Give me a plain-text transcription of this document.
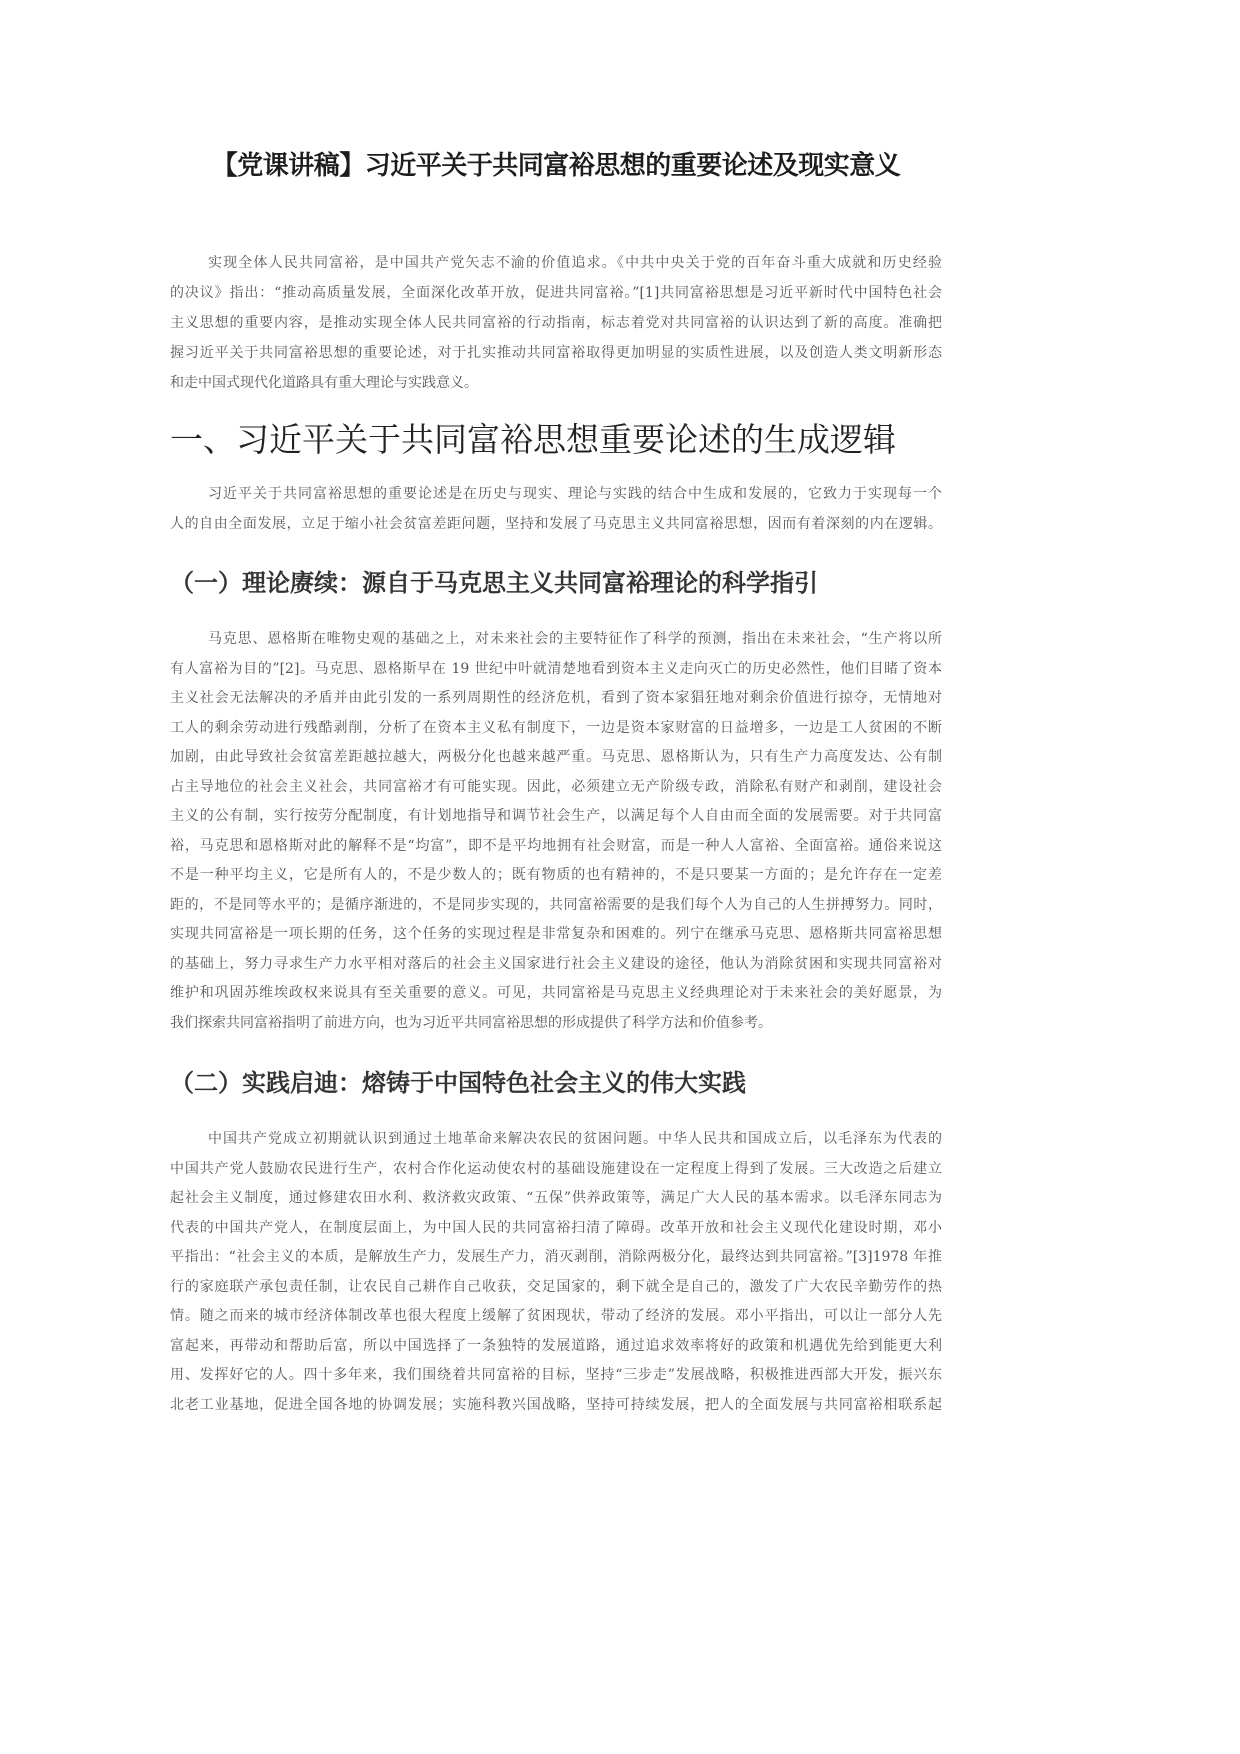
【党课讲稿】习近平关于共同富裕思想的重要论述及现实意义
实现全体人民共同富裕，是中国共产党矢志不渝的价值追求。《中共中央关于党的百年奋斗重大成就和历史经验
的决议》指出：“推动高质量发展，全面深化改革开放，促进共同富裕。”[1]共同富裕思想是习近平新时代中国特色社会
主义思想的重要内容，是推动实现全体人民共同富裕的行动指南，标志着党对共同富裕的认识达到了新的高度。准确把
握习近平关于共同富裕思想的重要论述，对于扎实推动共同富裕取得更加明显的实质性进展，以及创造人类文明新形态
和走中国式现代化道路具有重大理论与实践意义。
一、习近平关于共同富裕思想重要论述的生成逻辑
习近平关于共同富裕思想的重要论述是在历史与现实、理论与实践的结合中生成和发展的，它致力于实现每一个
人的自由全面发展，立足于缩小社会贫富差距问题，坚持和发展了马克思主义共同富裕思想，因而有着深刻的内在逻辑。
（一）理论赓续：源自于马克思主义共同富裕理论的科学指引
马克思、恩格斯在唯物史观的基础之上，对未来社会的主要特征作了科学的预测，指出在未来社会，“生产将以所
有人富裕为目的”[2]。马克思、恩格斯早在 19 世纪中叶就清楚地看到资本主义走向灭亡的历史必然性，他们目睹了资本
主义社会无法解决的矛盾并由此引发的一系列周期性的经济危机，看到了资本家猖狂地对剩余价值进行掠夺，无情地对
工人的剩余劳动进行残酷剥削，分析了在资本主义私有制度下，一边是资本家财富的日益增多，一边是工人贫困的不断
加剧，由此导致社会贫富差距越拉越大，两极分化也越来越严重。马克思、恩格斯认为，只有生产力高度发达、公有制
占主导地位的社会主义社会，共同富裕才有可能实现。因此，必须建立无产阶级专政，消除私有财产和剥削，建设社会
主义的公有制，实行按劳分配制度，有计划地指导和调节社会生产，以满足每个人自由而全面的发展需要。对于共同富
裕，马克思和恩格斯对此的解释不是“均富”，即不是平均地拥有社会财富，而是一种人人富裕、全面富裕。通俗来说这
不是一种平均主义，它是所有人的，不是少数人的；既有物质的也有精神的，不是只要某一方面的；是允许存在一定差
距的，不是同等水平的；是循序渐进的，不是同步实现的，共同富裕需要的是我们每个人为自己的人生拼搏努力。同时，
实现共同富裕是一项长期的任务，这个任务的实现过程是非常复杂和困难的。列宁在继承马克思、恩格斯共同富裕思想
的基础上，努力寻求生产力水平相对落后的社会主义国家进行社会主义建设的途径，他认为消除贫困和实现共同富裕对
维护和巩固苏维埃政权来说具有至关重要的意义。可见，共同富裕是马克思主义经典理论对于未来社会的美好愿景，为
我们探索共同富裕指明了前进方向，也为习近平共同富裕思想的形成提供了科学方法和价值参考。
（二）实践启迪：熔铸于中国特色社会主义的伟大实践
中国共产党成立初期就认识到通过土地革命来解决农民的贫困问题。中华人民共和国成立后，以毛泽东为代表的
中国共产党人鼓励农民进行生产，农村合作化运动使农村的基础设施建设在一定程度上得到了发展。三大改造之后建立
起社会主义制度，通过修建农田水利、救济救灾政策、“五保”供养政策等，满足广大人民的基本需求。以毛泽东同志为
代表的中国共产党人，在制度层面上，为中国人民的共同富裕扫清了障碍。改革开放和社会主义现代化建设时期，邓小
平指出：“社会主义的本质，是解放生产力，发展生产力，消灭剥削，消除两极分化，最终达到共同富裕。”[3]1978 年推
行的家庭联产承包责任制，让农民自己耕作自己收获，交足国家的，剩下就全是自己的，激发了广大农民辛勤劳作的热
情。随之而来的城市经济体制改革也很大程度上缓解了贫困现状，带动了经济的发展。邓小平指出，可以让一部分人先
富起来，再带动和帮助后富，所以中国选择了一条独特的发展道路，通过追求效率将好的政策和机遇优先给到能更大利
用、发挥好它的人。四十多年来，我们围绕着共同富裕的目标，坚持“三步走”发展战略，积极推进西部大开发，振兴东
北老工业基地，促进全国各地的协调发展；实施科教兴国战略，坚持可持续发展，把人的全面发展与共同富裕相联系起
